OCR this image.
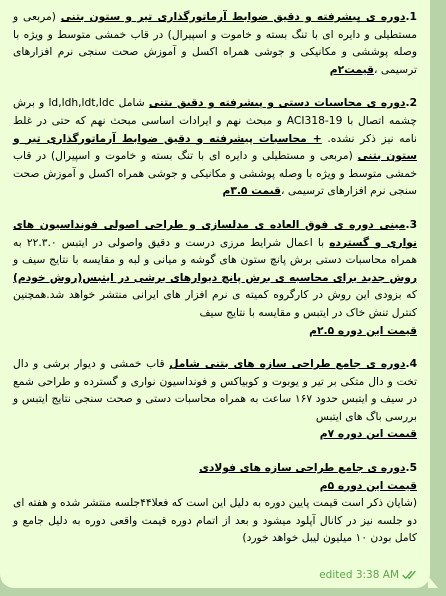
1.دوره ی پیشرفته و دقیق ضوابط آرماتورگذاری تیر و ستون بتنی (مربعی و مستطیلی و دایره ای با تنگ بسته و خاموت و اسپیرال) در قاب خمشی متوسط و ویژه با وصله پوششی و مکانیکی و جوشی همراه اکسل و آموزش صحت سنجی نرم افزارهای ترسیمی ،قیمت۲م

2.دوره ی محاسبات دستی و پیشرفته و دقیق بتنی شامل ld,ldh,ldt,ldc و برش چشمه اتصال با ACI318-19 و مبحث نهم و ایرادات اساسی مبحث نهم که حتی در غلط نامه نیز ذکر نشده. + محاسبات پیشرفته و دقیق ضوابط آرماتورگذاری تیر و ستون بتنی (مربعی و مستطیلی و دایره ای با تنگ بسته و خاموت و اسپیرال) در قاب خمشی متوسط و ویژه با وصله پوششی و مکانیکی و جوشی همراه اکسل و آموزش صحت سنجی نرم افزارهای ترسیمی ،قیمت ۳.۵م

3.مینی دوره ی فوق العاده ی مدلسازی و طراحی اصولی فونداسیون های نواری و گسترده با اعمال شرایط مرزی درست و دقیق واصولی در ایتبس ۲۲.۳.۰ به همراه محاسبات دستی برش پانچ ستون های گوشه و میانی و لبه و مقایسه با نتایج سیف و روش جدید برای محاسبه ی برش پانچ دیوارهای برشی در ایتبس(روش خودم) که بزودی این روش در کارگروه کمیته ی نرم افزار های ایرانی منتشر خواهد شد.همچنین کنترل تنش خاک در ایتبس و مقایسه با نتایج سیف
قیمت این دوره ۲.۵م

4.دوره ی جامع طراحی سازه های بتنی شامل قاب خمشی و دیوار برشی و دال تخت و دال متکی بر تیر و یوبوت و کوبیاکس و فونداسیون نواری و گسترده و طراحی شمع در سیف و ایتبس حدود ۱۶۷ ساعت به همراه محاسبات دستی و صحت سنجی نتایج ایتبس و بررسی باگ های ایتبس
قیمت این دوره ۷م

5.دوره ی جامع طراحی سازه های فولادی
قیمت این دوره ۵م
(شایان ذکر است قیمت پایین دوره به دلیل این است که فعلا۴۴جلسه منتشر شده و هفته ای دو جلسه نیز در کانال آپلود میشود و بعد از اتمام دوره قیمت واقعی دوره به دلیل جامع و کامل بودن ۱۰ میلیون لیبل خواهد خورد)

edited 3:38 AM
